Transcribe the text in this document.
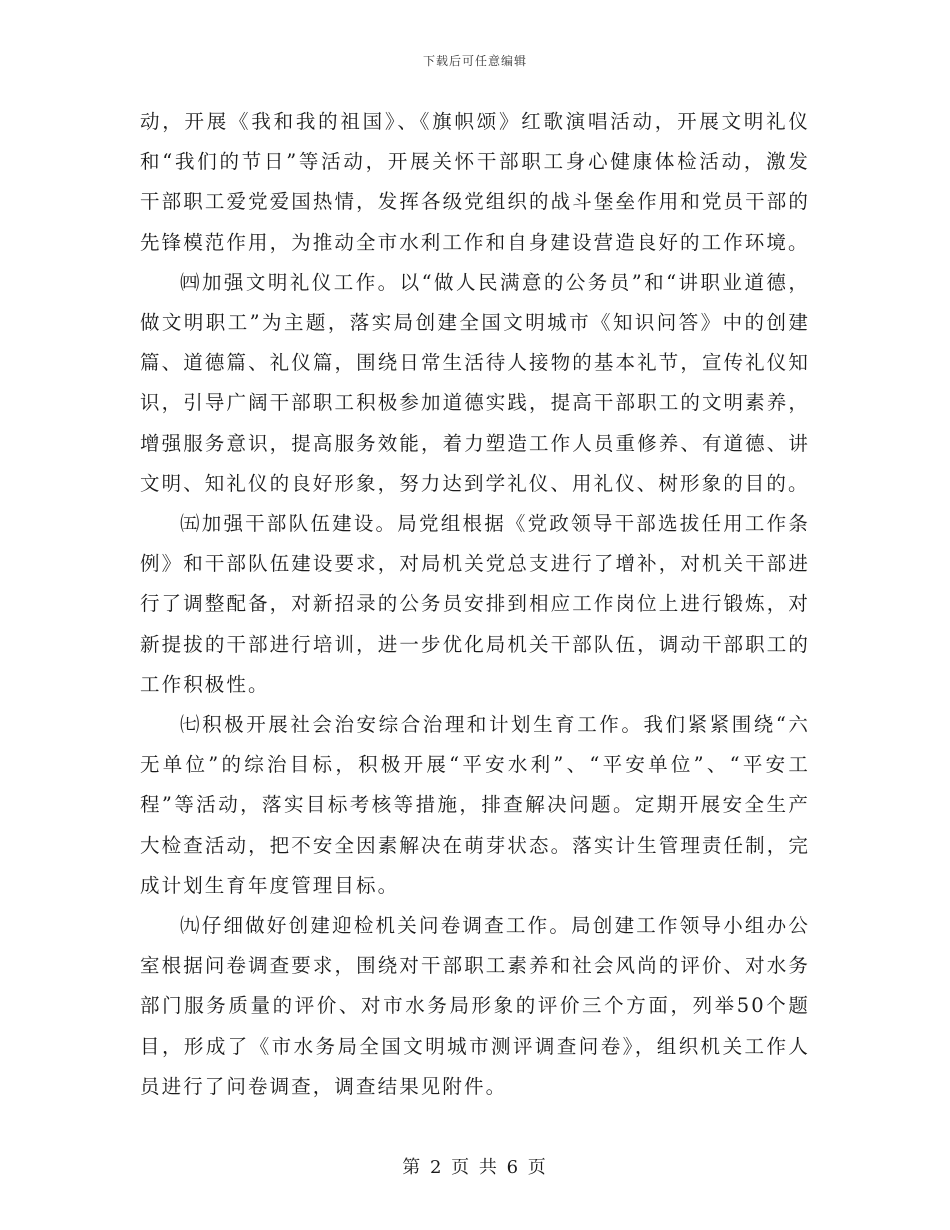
下载后可任意编辑

动，开展《我和我的祖国》、《旗帜颂》红歌演唱活动，开展文明礼仪和“我们的节日”等活动，开展关怀干部职工身心健康体检活动，激发干部职工爱党爱国热情，发挥各级党组织的战斗堡垒作用和党员干部的先锋模范作用，为推动全市水利工作和自身建设营造良好的工作环境。

㈣加强文明礼仪工作。以“做人民满意的公务员”和“讲职业道德，做文明职工”为主题，落实局创建全国文明城市《知识问答》中的创建篇、道德篇、礼仪篇，围绕日常生活待人接物的基本礼节，宣传礼仪知识，引导广阔干部职工积极参加道德实践，提高干部职工的文明素养，增强服务意识，提高服务效能，着力塑造工作人员重修养、有道德、讲文明、知礼仪的良好形象，努力达到学礼仪、用礼仪、树形象的目的。

㈤加强干部队伍建设。局党组根据《党政领导干部选拔任用工作条例》和干部队伍建设要求，对局机关党总支进行了增补，对机关干部进行了调整配备，对新招录的公务员安排到相应工作岗位上进行锻炼，对新提拔的干部进行培训，进一步优化局机关干部队伍，调动干部职工的工作积极性。

㈦积极开展社会治安综合治理和计划生育工作。我们紧紧围绕“六无单位”的综治目标，积极开展“平安水利”、“平安单位”、“平安工程”等活动，落实目标考核等措施，排查解决问题。定期开展安全生产大检查活动，把不安全因素解决在萌芽状态。落实计生管理责任制，完成计划生育年度管理目标。

㈨仔细做好创建迎检机关问卷调查工作。局创建工作领导小组办公室根据问卷调查要求，围绕对干部职工素养和社会风尚的评价、对水务部门服务质量的评价、对市水务局形象的评价三个方面，列举50个题目，形成了《市水务局全国文明城市测评调查问卷》，组织机关工作人员进行了问卷调查，调查结果见附件。

第 2 页 共 6 页
